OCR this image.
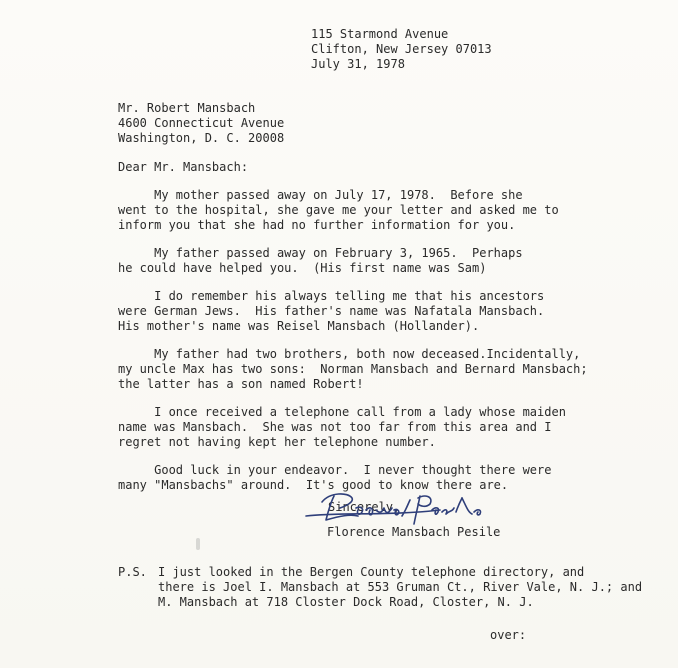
115 Starmond Avenue
Clifton, New Jersey 07013
July 31, 1978
Mr. Robert Mansbach
4600 Connecticut Avenue
Washington, D. C. 20008
Dear Mr. Mansbach:
My mother passed away on July 17, 1978.  Before she
went to the hospital, she gave me your letter and asked me to
inform you that she had no further information for you.
My father passed away on February 3, 1965.  Perhaps
he could have helped you.  (His first name was Sam)
I do remember his always telling me that his ancestors
were German Jews.  His father's name was Nafatala Mansbach.
His mother's name was Reisel Mansbach (Hollander).
My father had two brothers, both now deceased.Incidentally,
my uncle Max has two sons:  Norman Mansbach and Bernard Mansbach;
the latter has a son named Robert!
I once received a telephone call from a lady whose maiden
name was Mansbach.  She was not too far from this area and I
regret not having kept her telephone number.
Good luck in your endeavor.  I never thought there were
many "Mansbachs" around.  It's good to know there are.
Sincerely,
Florence Mansbach Pesile
P.S. I just looked in the Bergen County telephone directory, and
there is Joel I. Mansbach at 553 Gruman Ct., River Vale, N. J.; and
M. Mansbach at 718 Closter Dock Road, Closter, N. J.
over:
